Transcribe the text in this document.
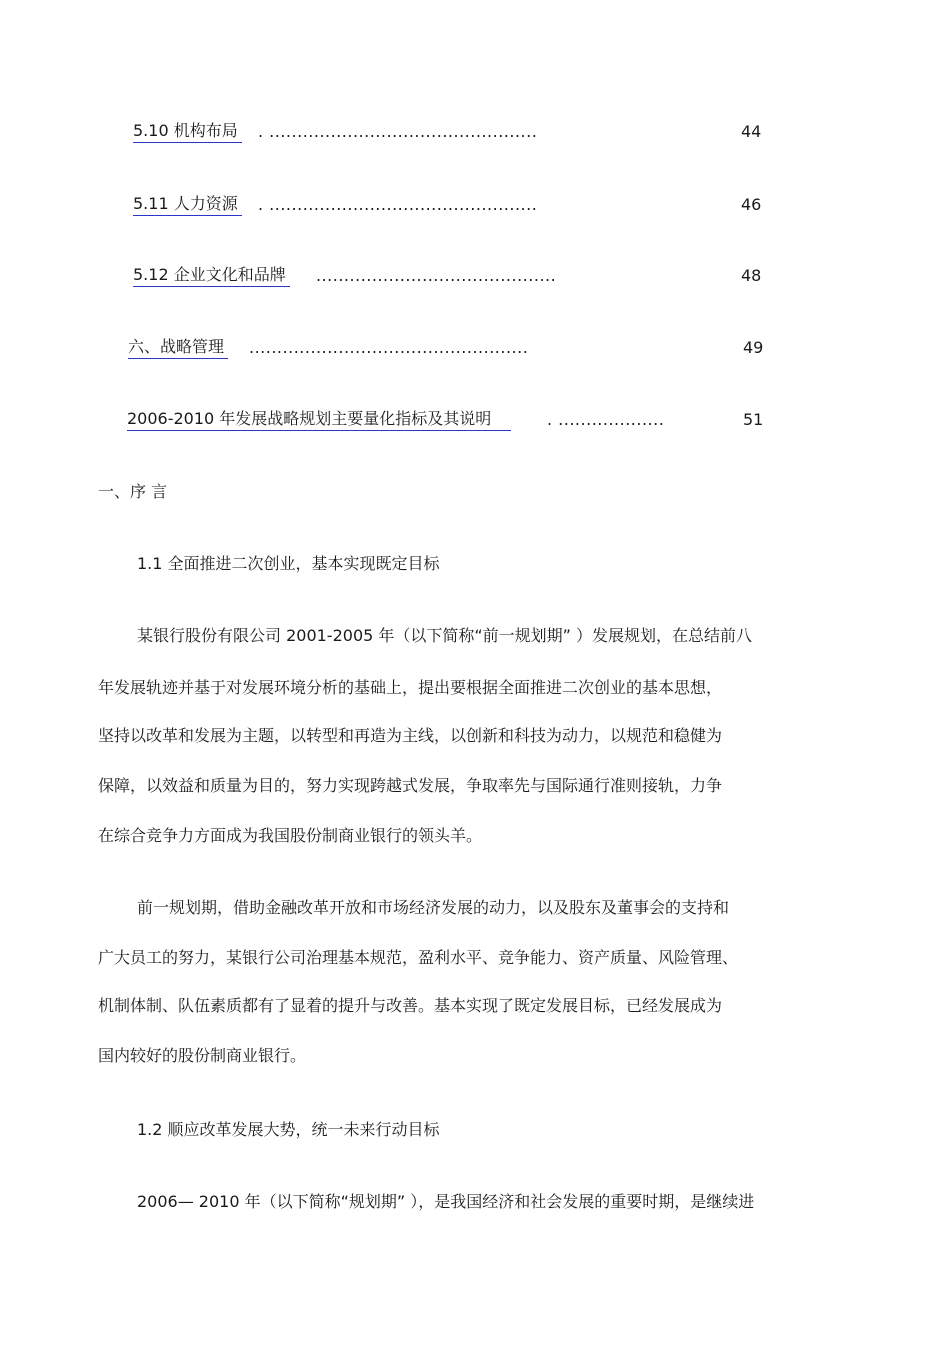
5.10 机构布局 . ................................................	44
5.11 人力资源 . ................................................	46
5.12 企业文化和品牌 ...........................................	48
六、战略管理 ..................................................	49
2006-2010 年发展战略规划主要量化指标及其说明	. ...................	51
一、序 言
1.1 全面推进二次创业，基本实现既定目标
某银行股份有限公司 2001-2005 年（以下简称“前一规划期” ）发展规划，在总结前八
年发展轨迹并基于对发展环境分析的基础上，提出要根据全面推进二次创业的基本思想，
坚持以改革和发展为主题，以转型和再造为主线，以创新和科技为动力，以规范和稳健为
保障，以效益和质量为目的，努力实现跨越式发展，争取率先与国际通行准则接轨，力争
在综合竞争力方面成为我国股份制商业银行的领头羊。
前一规划期，借助金融改革开放和市场经济发展的动力，以及股东及董事会的支持和
广大员工的努力，某银行公司治理基本规范，盈利水平、竞争能力、资产质量、风险管理、
机制体制、队伍素质都有了显着的提升与改善。基本实现了既定发展目标，已经发展成为
国内较好的股份制商业银行。
1.2 顺应改革发展大势，统一未来行动目标
2006— 2010 年（以下简称“规划期” ），是我国经济和社会发展的重要时期，是继续进
